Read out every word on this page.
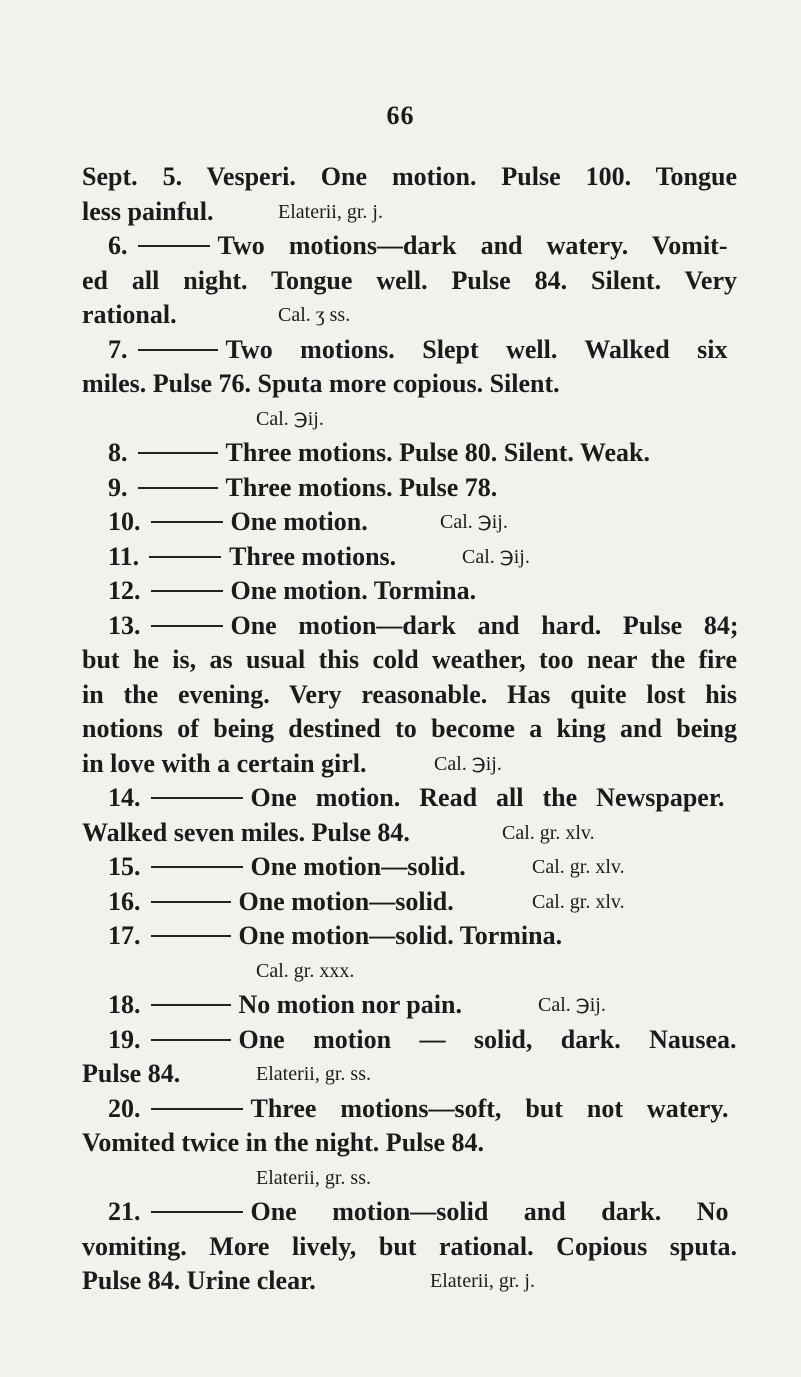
66
Sept. 5. Vesperi. One motion. Pulse 100. Tongue
less painful.	Elaterii, gr. j.
6.	Two motions—dark and watery. Vomit-
ed all night. Tongue well. Pulse 84. Silent. Very
rational.	Cal. ʒ ss.
7.	Two motions. Slept well. Walked six
miles. Pulse 76. Sputa more copious. Silent.
Cal. ℈ij.
8.	Three motions. Pulse 80. Silent. Weak.
9.	Three motions. Pulse 78.
10.	One motion.	Cal. ℈ij.
11.	Three motions.	Cal. ℈ij.
12.	One motion. Tormina.
13.	One motion—dark and hard. Pulse 84;
but he is, as usual this cold weather, too near the fire
in the evening. Very reasonable. Has quite lost his
notions of being destined to become a king and being
in love with a certain girl.	Cal. ℈ij.
14.	One motion. Read all the Newspaper.
Walked seven miles. Pulse 84.	Cal. gr. xlv.
15.	One motion—solid.	Cal. gr. xlv.
16.	One motion—solid.	Cal. gr. xlv.
17.	One motion—solid. Tormina.
Cal. gr. xxx.
18.	No motion nor pain.	Cal. ℈ij.
19.	One motion — solid, dark. Nausea.
Pulse 84.	Elaterii, gr. ss.
20.	Three motions—soft, but not watery.
Vomited twice in the night. Pulse 84.
Elaterii, gr. ss.
21.	One motion—solid and dark. No
vomiting. More lively, but rational. Copious sputa.
Pulse 84. Urine clear.	Elaterii, gr. j.
